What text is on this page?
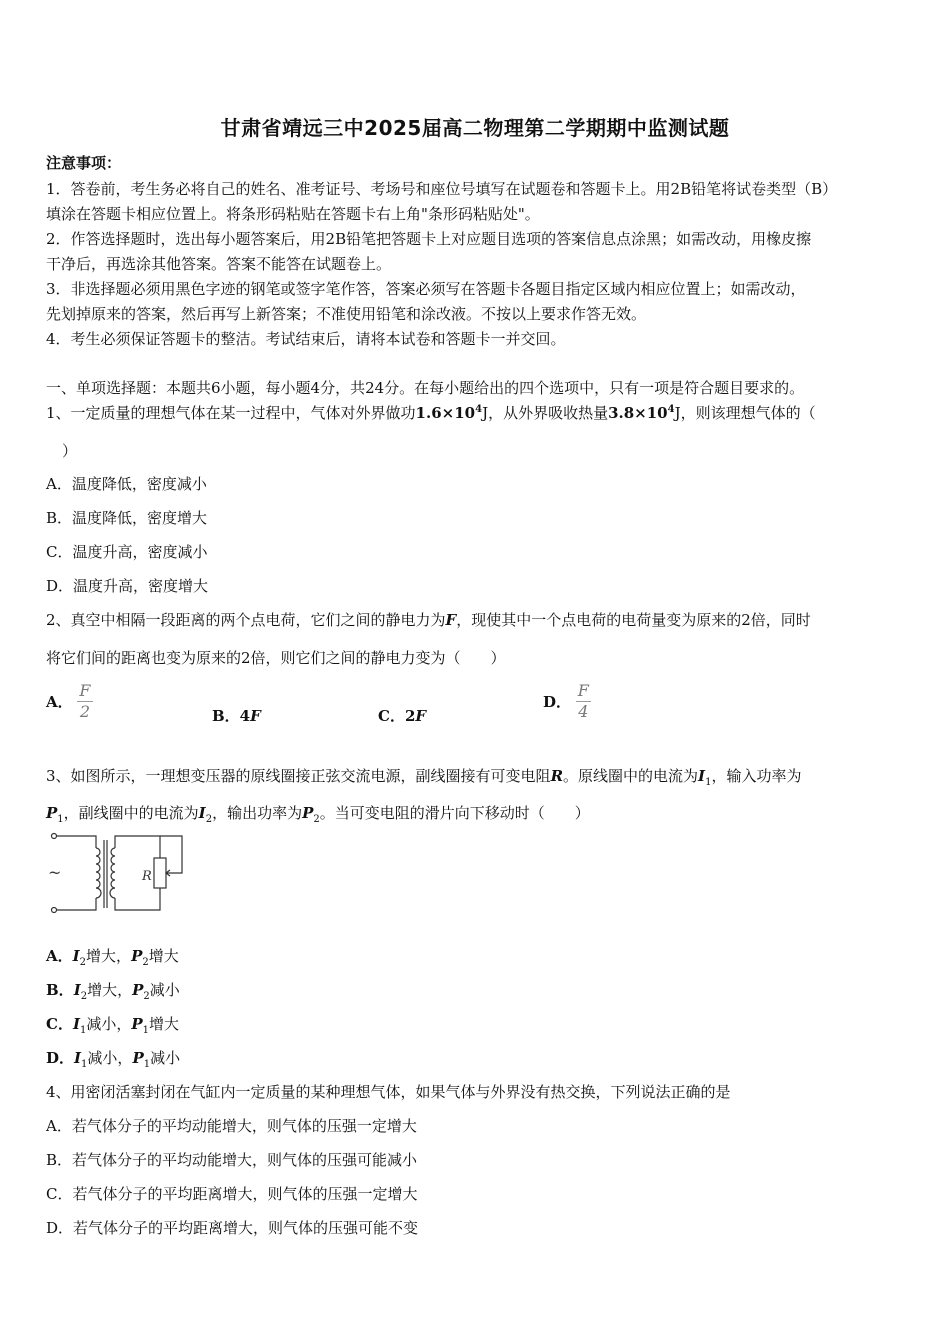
甘肃省靖远三中2025届高二物理第二学期期中监测试题
注意事项：
1．答卷前，考生务必将自己的姓名、准考证号、考场号和座位号填写在试题卷和答题卡上。用2B铅笔将试卷类型（B）
填涂在答题卡相应位置上。将条形码粘贴在答题卡右上角"条形码粘贴处"。
2．作答选择题时，选出每小题答案后，用2B铅笔把答题卡上对应题目选项的答案信息点涂黑；如需改动，用橡皮擦
干净后，再选涂其他答案。答案不能答在试题卷上。
3．非选择题必须用黑色字迹的钢笔或签字笔作答，答案必须写在答题卡各题目指定区域内相应位置上；如需改动，
先划掉原来的答案，然后再写上新答案；不准使用铅笔和涂改液。不按以上要求作答无效。
4．考生必须保证答题卡的整洁。考试结束后，请将本试卷和答题卡一并交回。
一、单项选择题：本题共6小题，每小题4分，共24分。在每小题给出的四个选项中，只有一项是符合题目要求的。
1、一定质量的理想气体在某一过程中，气体对外界做功$1.6\times 10^4J$，从外界吸收热量$3.8\times 10^4J$，则该理想气体的（
）
A．温度降低，密度减小
B．温度降低，密度增大
C．温度升高，密度减小
D．温度升高，密度增大
2、真空中相隔一段距离的两个点电荷，它们之间的静电力为F，现使其中一个点电荷的电荷量变为原来的2倍，同时
将它们间的距离也变为原来的2倍，则它们之间的静电力变为（　　）
A． $\frac{F}{2}$	B．4F	C．2F
D． $\frac{F}{4}$
3、如图所示，一理想变压器的原线圈接正弦交流电源，副线圈接有可变电阻R。原线圈中的电流为$I_1$，输入功率为
$P_1$，副线圈中的电流为$I_2$，输出功率为$P_2$。当可变电阻的滑片向下移动时（　　）
~	R
A．$I_2$增大，$P_2$增大
B．$I_2$增大，$P_2$减小
C．$I_1$减小，$P_1$增大
D．$I_1$减小，$P_1$减小
4、用密闭活塞封闭在气缸内一定质量的某种理想气体，如果气体与外界没有热交换，下列说法正确的是
A．若气体分子的平均动能增大，则气体的压强一定增大
B．若气体分子的平均动能增大，则气体的压强可能减小
C．若气体分子的平均距离增大，则气体的压强一定增大
D．若气体分子的平均距离增大，则气体的压强可能不变
